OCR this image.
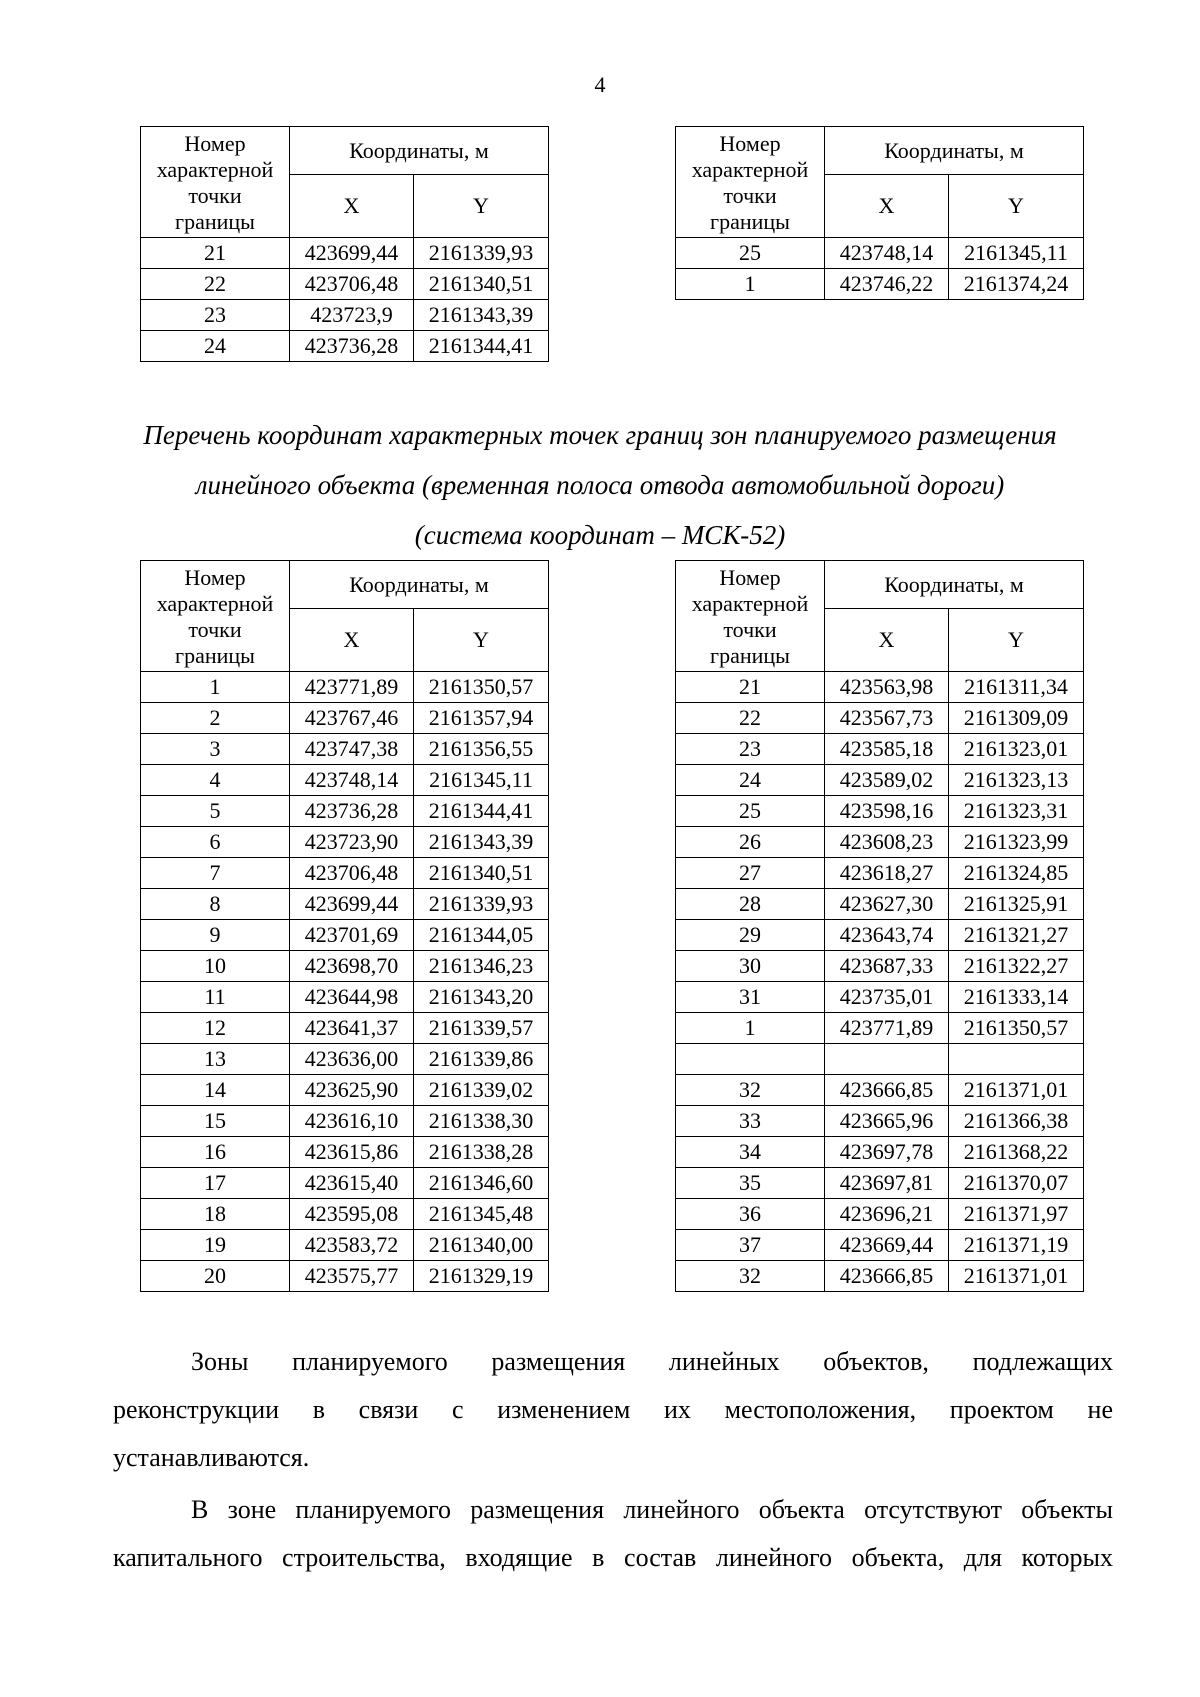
4
Номер
характерной
точки
границы	Координаты, м	
	X	Y
21	423699,44	2161339,93
22	423706,48	2161340,51
23	423723,9	2161343,39
24	423736,28	2161344,41
Номер
характерной
точки
границы	Координаты, м	
	X	Y
25	423748,14	2161345,11
1	423746,22	2161374,24
Перечень координат характерных точек границ зон планируемого размещения
линейного объекта (временная полоса отвода автомобильной дороги)
(система координат – МСК-52)
Номер
характерной
точки
границы	Координаты, м	
	X	Y
1	423771,89	2161350,57
2	423767,46	2161357,94
3	423747,38	2161356,55
4	423748,14	2161345,11
5	423736,28	2161344,41
6	423723,90	2161343,39
7	423706,48	2161340,51
8	423699,44	2161339,93
9	423701,69	2161344,05
10	423698,70	2161346,23
11	423644,98	2161343,20
12	423641,37	2161339,57
13	423636,00	2161339,86
14	423625,90	2161339,02
15	423616,10	2161338,30
16	423615,86	2161338,28
17	423615,40	2161346,60
18	423595,08	2161345,48
19	423583,72	2161340,00
20	423575,77	2161329,19
Номер
характерной
точки
границы	Координаты, м	
	X	Y
21	423563,98	2161311,34
22	423567,73	2161309,09
23	423585,18	2161323,01
24	423589,02	2161323,13
25	423598,16	2161323,31
26	423608,23	2161323,99
27	423618,27	2161324,85
28	423627,30	2161325,91
29	423643,74	2161321,27
30	423687,33	2161322,27
31	423735,01	2161333,14
1	423771,89	2161350,57

32	423666,85	2161371,01
33	423665,96	2161366,38
34	423697,78	2161368,22
35	423697,81	2161370,07
36	423696,21	2161371,97
37	423669,44	2161371,19
32	423666,85	2161371,01
Зоны планируемого размещения линейных объектов, подлежащих
реконструкции в связи с изменением их местоположения, проектом не
устанавливаются.
В зоне планируемого размещения линейного объекта отсутствуют объекты
капитального строительства, входящие в состав линейного объекта, для которых
